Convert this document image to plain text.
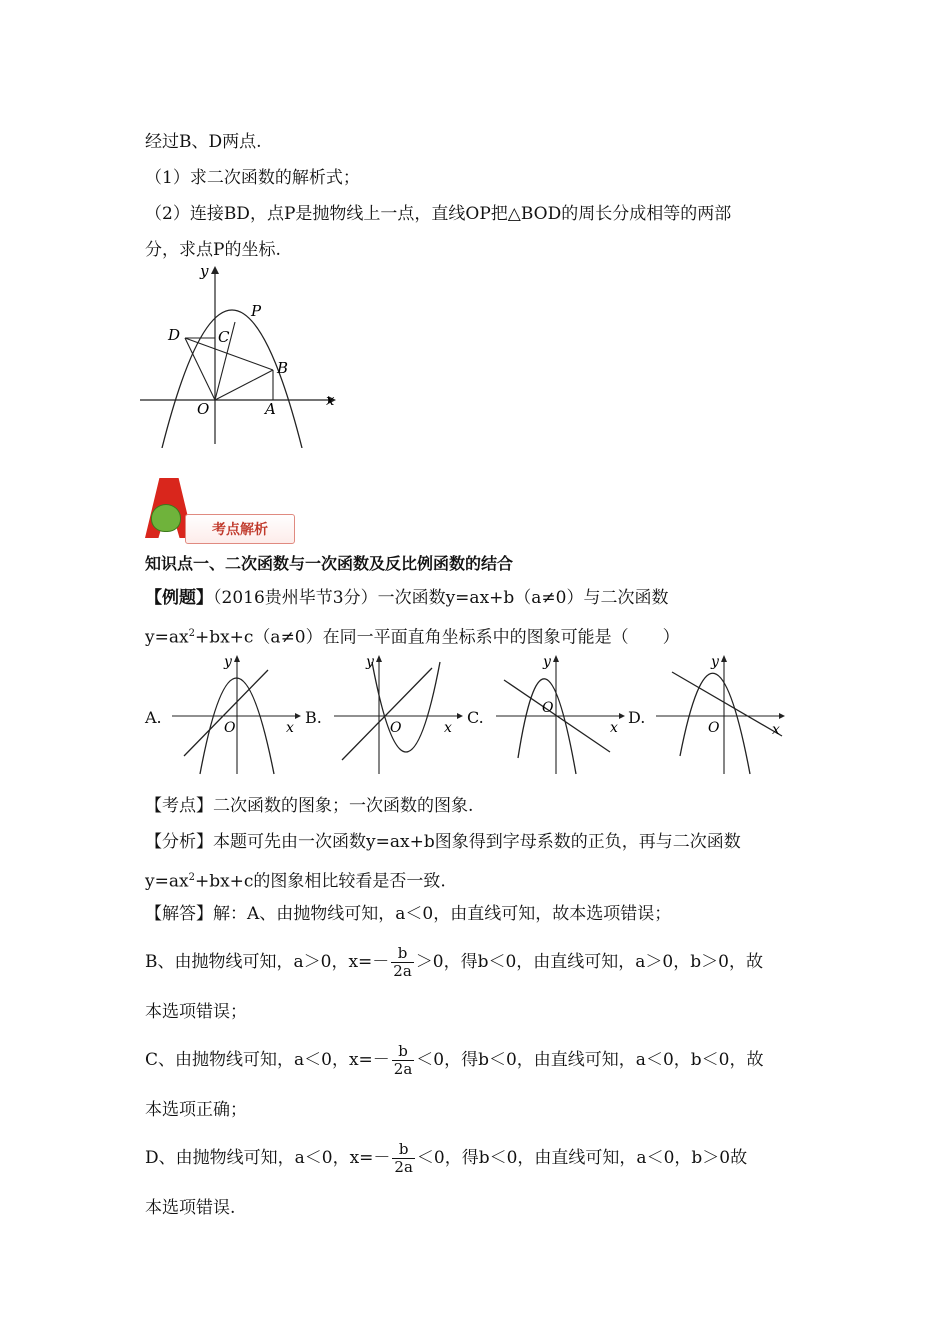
经过B、D两点.
（1）求二次函数的解析式；
（2）连接BD，点P是抛物线上一点，直线OP把△BOD的周长分成相等的两部
分，求点P的坐标.
y
D	C
P
B
O	A	x
考点解析
知识点一、二次函数与一次函数及反比例函数的结合
【例题】（2016贵州毕节3分）一次函数y=ax+b（a≠0）与二次函数
$y=ax^2+bx+c(a\ne 0)$在同一平面直角坐标系中的图象可能是（　　）
A.
y
O	x
B.
y
O	x
C.
y
O
x
D.
y
O	x
【考点】二次函数的图象；一次函数的图象.
【分析】本题可先由一次函数y=ax+b图象得到字母系数的正负，再与二次函数
$y=ax^2+bx+c$的图象相比较看是否一致.
【解答】解：A、由抛物线可知，a＜0，由直线可知，故本选项错误；
B、由抛物线可知，a＞0，$x=- \frac{b}{2a} >0$，得b＜0，由直线可知，a＞0，b＞0，故
本选项错误；
C、由抛物线可知，a＜0，$x=- \frac{b}{2a} <0$，得b＜0，由直线可知，a＜0，b＜0，故
本选项正确；
D、由抛物线可知，a＜0，$x=- \frac{b}{2a} <0$，得b＜0，由直线可知，a＜0，b＞0故
本选项错误.
